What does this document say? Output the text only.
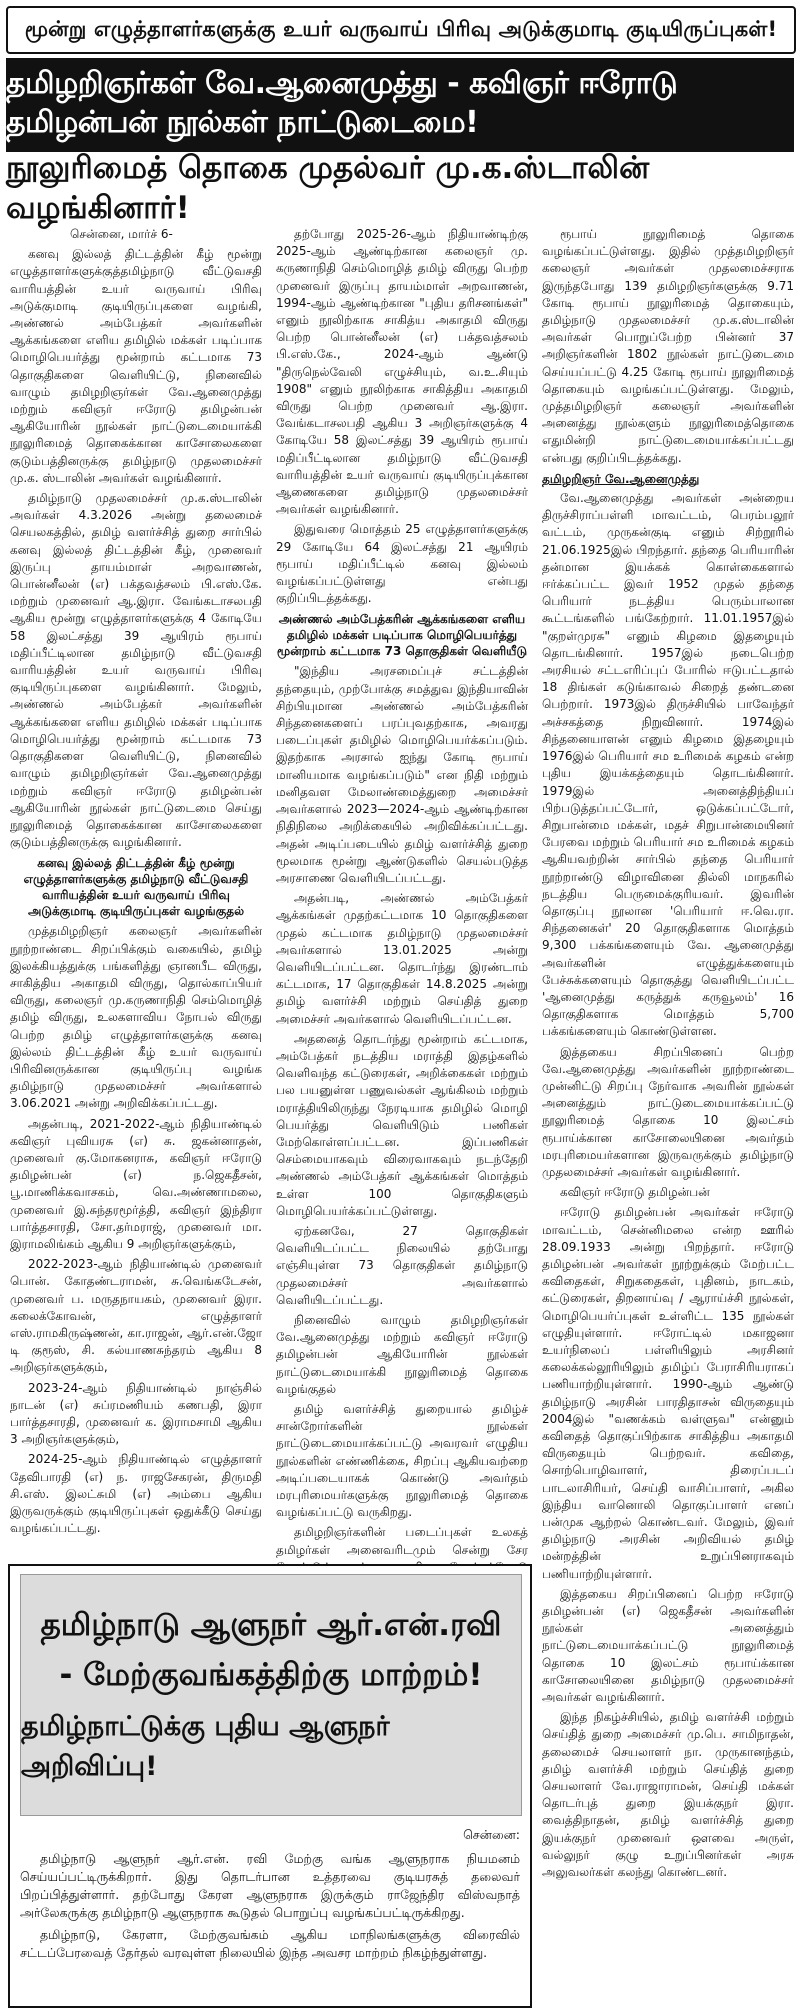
மூன்று எழுத்தாளர்களுக்கு உயர் வருவாய் பிரிவு அடுக்குமாடி குடியிருப்புகள்!
தமிழறிஞர்கள் வே.ஆனைமுத்து - கவிஞர் ஈரோடு தமிழன்பன் நூல்கள் நாட்டுடைமை!
நூலுரிமைத் தொகை முதல்வர் மு.க.ஸ்டாலின் வழங்கினார்!

சென்னை, மார்ச் 6-

கனவு இல்லத் திட்டத்தின் கீழ் மூன்று எழுத்தாளர்களுக்குத்தமிழ்நாடு வீட்டுவசதி வாரியத்தின் உயர் வருவாய் பிரிவு அடுக்குமாடி குடியிருப்புகளை வழங்கி, அண்ணல் அம்பேத்கர் அவர்களின் ஆக்கங்களை எளிய தமிழில் மக்கள் படிப்பாக மொழிபெயர்த்து மூன்றாம் கட்டமாக 73 தொகுதிகளை வெளியிட்டு, நினைவில் வாழும் தமிழறிஞர்கள் வே.ஆனைமுத்து மற்றும் கவிஞர் ஈரோடு தமிழன்பன் ஆகியோரின் நூல்கள் நாட்டுடைமையாக்கி நூலுரிமைத் தொகைக்கான காசோலைகளை குடும்பத்தினருக்கு தமிழ்நாடு முதலமைச்சர் மு.க. ஸ்டாலின் அவர்கள் வழங்கினார்.

தமிழ்நாடு முதலமைச்சர் மு.க.ஸ்டாலின் அவர்கள் 4.3.2026 அன்று தலைமைச் செயலகத்தில், தமிழ் வளர்ச்சித் துறை சார்பில் கனவு இல்லத் திட்டத்தின் கீழ், முனைவர் இருப்பு தாயம்மாள் அறவாணன், பொன்னீலன் (எ) பக்தவத்சலம் பி.எஸ்.கே. மற்றும் முனைவர் ஆ.இரா. வேங்கடாசலபதி ஆகிய மூன்று எழுத்தாளர்களுக்கு 4 கோடியே 58 இலட்சத்து 39 ஆயிரம் ரூபாய் மதிப்பீட்டிலான தமிழ்நாடு வீட்டுவசதி வாரியத்தின் உயர் வருவாய் பிரிவு குடியிருப்புகளை வழங்கினார். மேலும், அண்ணல் அம்பேத்கர் அவர்களின் ஆக்கங்களை எளிய தமிழில் மக்கள் படிப்பாக மொழிபெயர்த்து மூன்றாம் கட்டமாக 73 தொகுதிகளை வெளியிட்டு, நினைவில் வாழும் தமிழறிஞர்கள் வே.ஆனைமுத்து மற்றும் கவிஞர் ஈரோடு தமிழன்பன் ஆகியோரின் நூல்கள் நாட்டுடைமை செய்து நூலுரிமைத் தொகைக்கான காசோலைகளை குடும்பத்தினருக்கு வழங்கினார்.

கனவு இல்லத் திட்டத்தின் கீழ் மூன்று எழுத்தாளர்களுக்கு தமிழ்நாடு வீட்டுவசதி வாரியத்தின் உயர் வருவாய் பிரிவு அடுக்குமாடி குடியிருப்புகள் வழங்குதல்

முத்தமிழறிஞர் கலைஞர் அவர்களின் நூற்றாண்டை சிறப்பிக்கும் வகையில், தமிழ் இலக்கியத்துக்கு பங்களித்து ஞானபீட விருது, சாகித்திய அகாதமி விருது, தொல்காப்பியர் விருது, கலைஞர் மு.கருணாநிதி செம்மொழித் தமிழ் விருது, உலகளாவிய நோபல் விருது பெற்ற தமிழ் எழுத்தாளர்களுக்கு கனவு இல்லம் திட்டத்தின் கீழ் உயர் வருவாய் பிரிவினருக்கான குடியிருப்பு வழங்க தமிழ்நாடு முதலமைச்சர் அவர்களால் 3.06.2021 அன்று அறிவிக்கப்பட்டது.

அதன்படி, 2021-2022-ஆம் நிதியாண்டில் கவிஞர் புவியரசு (எ) சு. ஜகன்னாதன், முனைவர் கு.மோகனராசு, கவிஞர் ஈரோடு தமிழன்பன் (எ) ந.ஜெகதீசன், பூ.மாணிக்கவாசகம், வெ.அண்ணாமலை, முனைவர் இ.சுந்தரமூர்த்தி, கவிஞர் இந்திரா பார்த்தசாரதி, சோ.தர்மராஜ், முனைவர் மா. இராமலிங்கம் ஆகிய 9 அறிஞர்களுக்கும்,

2022-2023-ஆம் நிதியாண்டில் முனைவர் பொன். கோதண்டராமன், சு.வெங்கடேசன், முனைவர் ப. மருதநாயகம், முனைவர் இரா. கலைக்கோவன், எழுத்தாளர் எஸ்.ராமகிருஷ்ணன், கா.ராஜன், ஆர்.என்.ஜோ டி குரூஸ், சி. கல்யாணசுந்தரம் ஆகிய 8 அறிஞர்களுக்கும்,

2023-24-ஆம் நிதியாண்டில் நாஞ்சில் நாடன் (எ) சுப்ரமணியம் கணபதி, இரா பார்த்தசாரதி, முனைவர் க. இராமசாமி ஆகிய 3 அறிஞர்களுக்கும்,

2024-25-ஆம் நிதியாண்டில் எழுத்தாளர் தேவிபாரதி (எ) ந. ராஜசேகரன், திருமதி சி.எஸ். இலட்சுமி (எ) அம்பை ஆகிய இருவருக்கும் குடியிருப்புகள் ஒதுக்கீடு செய்து வழங்கப்பட்டது.

தற்போது 2025-26-ஆம் நிதியாண்டிற்கு 2025-ஆம் ஆண்டிற்கான கலைஞர் மு. கருணாநிதி செம்மொழித் தமிழ் விருது பெற்ற முனைவர் இருப்பு தாயம்மாள் அறவாணன், 1994-ஆம் ஆண்டிற்கான "புதிய தரிசனங்கள்" எனும் நூலிற்காக சாகித்ய அகாதமி விருது பெற்ற பொன்னீலன் (எ) பக்தவத்சலம் பி.எஸ்.கே., 2024-ஆம் ஆண்டு "திருநெல்வேலி எழுச்சியும், வ.உ.சியும் 1908" எனும் நூலிற்காக சாகித்திய அகாதமி விருது பெற்ற முனைவர் ஆ.இரா. வேங்கடாசலபதி ஆகிய 3 அறிஞர்களுக்கு 4 கோடியே 58 இலட்சத்து 39 ஆயிரம் ரூபாய் மதிப்பீட்டிலான தமிழ்நாடு வீட்டுவசதி வாரியத்தின் உயர் வருவாய் குடியிருப்புக்கான ஆணைகளை தமிழ்நாடு முதலமைச்சர் அவர்கள் வழங்கினார்.

இதுவரை மொத்தம் 25 எழுத்தாளர்களுக்கு 29 கோடியே 64 இலட்சத்து 21 ஆயிரம் ரூபாய் மதிப்பீட்டில் கனவு இல்லம் வழங்கப்பட்டுள்ளது என்பது குறிப்பிடத்தக்கது.

அண்ணல் அம்பேத்கரின் ஆக்கங்களை எளிய தமிழில் மக்கள் படிப்பாக மொழிபெயர்த்து மூன்றாம் கட்டமாக 73 தொகுதிகள் வெளியீடு

"இந்திய அரசமைப்புச் சட்டத்தின் தந்தையும், முற்போக்கு சமத்துவ இந்தியாவின் சிற்பியுமான அண்ணல் அம்பேத்கரின் சிந்தனைகளைப் பரப்புவதற்காக, அவரது படைப்புகள் தமிழில் மொழிபெயர்க்கப்படும். இதற்காக அரசால் ஐந்து கோடி ரூபாய் மானியமாக வழங்கப்படும்" என நிதி மற்றும் மனிதவள மேலாண்மைத்துறை அமைச்சர் அவர்களால் 2023—2024-ஆம் ஆண்டிற்கான நிதிநிலை அறிக்கையில் அறிவிக்கப்பட்டது. அதன் அடிப்படையில் தமிழ் வளர்ச்சித் துறை மூலமாக மூன்று ஆண்டுகளில் செயல்படுத்த அரசாணை வெளியிடப்பட்டது.

அதன்படி, அண்ணல் அம்பேத்கர் ஆக்கங்கள் முதற்கட்டமாக 10 தொகுதிகளை முதல் கட்டமாக தமிழ்நாடு முதலமைச்சர் அவர்களால் 13.01.2025 அன்று வெளியிடப்பட்டன. தொடர்ந்து இரண்டாம் கட்டமாக, 17 தொகுதிகள் 14.8.2025 அன்று தமிழ் வளர்ச்சி மற்றும் செய்தித் துறை அமைச்சர் அவர்களால் வெளியிடப்பட்டன.

அதனைத் தொடர்ந்து மூன்றாம் கட்டமாக, அம்பேத்கர் நடத்திய மராத்தி இதழ்களில் வெளிவந்த கட்டுரைகள், அறிக்கைகள் மற்றும் பல பயனுள்ள பணுவல்கள் ஆங்கிலம் மற்றும் மராத்தியிலிருந்து நேரடியாக தமிழில் மொழி பெயர்த்து வெளியிடும் பணிகள் மேற்கொள்ளப்பட்டன. இப்பணிகள் செம்மையாகவும் விரைவாகவும் நடந்தேறி அண்ணல் அம்பேத்கர் ஆக்கங்கள் மொத்தம் உள்ள 100 தொகுதிகளும் மொழிபெயர்க்கப்பட்டுள்ளது.

ஏற்கனவே, 27 தொகுதிகள் வெளியிடப்பட்ட நிலையில் தற்போது எஞ்சியுள்ள 73 தொகுதிகள் தமிழ்நாடு முதலமைச்சர் அவர்களால் வெளியிடப்பட்டது.

நினைவில் வாழும் தமிழறிஞர்கள் வே.ஆனைமுத்து மற்றும் கவிஞர் ஈரோடு தமிழன்பன் ஆகியோரின் நூல்கள் நாட்டுடைமையாக்கி நூலுரிமைத் தொகை வழங்குதல்

தமிழ் வளர்ச்சித் துறையால் தமிழ்ச் சான்றோர்களின் நூல்கள் நாட்டுடைமையாக்கப்பட்டு அவரவர் எழுதிய நூல்களின் எண்ணிக்கை, சிறப்பு ஆகியவற்றை அடிப்படையாகக் கொண்டு அவர்தம் மரபுரிமையர்களுக்கு நூலுரிமைத் தொகை வழங்கப்பட்டு வருகிறது.

தமிழறிஞர்களின் படைப்புகள் உலகத் தமிழர்கள் அனைவரிடமும் சென்று சேர

ரூபாய் நூலுரிமைத் தொகை வழங்கப்பட்டுள்ளது. இதில் முத்தமிழறிஞர் கலைஞர் அவர்கள் முதலமைச்சராக இருந்தபோது 139 தமிழறிஞர்களுக்கு 9.71 கோடி ரூபாய் நூலுரிமைத் தொகையும், தமிழ்நாடு முதலமைச்சர் மு.க.ஸ்டாலின் அவர்கள் பொறுப்பேற்ற பின்னர் 37 அறிஞர்களின் 1802 நூல்கள் நாட்டுடைமை செய்யப்பட்டு 4.25 கோடி ரூபாய் நூலுரிமைத் தொகையும் வழங்கப்பட்டுள்ளது. மேலும், முத்தமிழறிஞர் கலைஞர் அவர்களின் அனைத்து நூல்களும் நூலுரிமைத்தொகை எதுமின்றி நாட்டுடைமையாக்கப்பட்டது என்பது குறிப்பிடத்தக்கது.

தமிழறிஞர் வே.ஆனைமுத்து

வே.ஆனைமுத்து அவர்கள் அன்றைய திருச்சிராப்பள்ளி மாவட்டம், பெரம்பலூர் வட்டம், முருகன்குடி எனும் சிற்றூரில் 21.06.1925இல் பிறந்தார். தந்தை பெரியாரின் தன்மான இயக்கக் கொள்கைகளால் ஈர்க்கப்பட்ட இவர் 1952 முதல் தந்தை பெரியார் நடத்திய பெரும்பாலான கூட்டங்களில் பங்கேற்றார். 11.01.1957இல் "குறள்முரசு" எனும் கிழமை இதழையும் தொடங்கினார். 1957இல் நடைபெற்ற அரசியல் சட்டஎரிப்புப் போரில் ஈடுபட்டதால் 18 திங்கள் கடுங்காவல் சிறைத் தண்டனை பெற்றார். 1973இல் திருச்சியில் பாவேந்தர் அச்சகத்தை நிறுவினார். 1974இல் சிந்தனையாளன் எனும் கிழமை இதழையும் 1976இல் பெரியார் சம உரிமைக் கழகம் என்ற புதிய இயக்கத்தையும் தொடங்கினார். 1979இல் அனைத்திந்தியப் பிற்படுத்தப்பட்டோர், ஒடுக்கப்பட்டோர், சிறுபான்மை மக்கள், மதச் சிறுபான்மையினர் பேரவை மற்றும் பெரியார் சம உரிமைக் கழகம் ஆகியவற்றின் சார்பில் தந்தை பெரியார் நூற்றாண்டு விழாவினை தில்லி மாநகரில் நடத்திய பெருமைக்குரியவர். இவரின் தொகுப்பு நூலான 'பெரியார் ஈ.வெ.ரா. சிந்தனைகள்' 20 தொகுதிகளாக மொத்தம் 9,300 பக்கங்களையும் வே. ஆனைமுத்து அவர்களின் எழுத்துக்களையும் பேச்சுக்களையும் தொகுத்து வெளியிடப்பட்ட 'ஆனைமுத்து கருத்துக் கருவூலம்' 16 தொகுதிகளாக மொத்தம் 5,700 பக்கங்களையும் கொண்டுள்ளன.

இத்தகைய சிறப்பினைப் பெற்ற வே.ஆனைமுத்து அவர்களின் நூற்றாண்டை முன்னிட்டு சிறப்பு நேர்வாக அவரின் நூல்கள் அனைத்தும் நாட்டுடைமையாக்கப்பட்டு நூலுரிமைத் தொகை 10 இலட்சம் ரூபாய்க்கான காசோலையினை அவர்தம் மரபுரிமையர்களான இருவருக்கும் தமிழ்நாடு முதலமைச்சர் அவர்கள் வழங்கினார்.

கவிஞர் ஈரோடு தமிழன்பன்

ஈரோடு தமிழன்பன் அவர்கள் ஈரோடு மாவட்டம், சென்னிமலை என்ற ஊரில் 28.09.1933 அன்று பிறந்தார். ஈரோடு தமிழன்பன் அவர்கள் நூற்றுக்கும் மேற்பட்ட கவிதைகள், சிறுகதைகள், புதினம், நாடகம், கட்டுரைகள், திறனாய்வு / ஆராய்ச்சி நூல்கள், மொழிபெயர்ப்புகள் உள்ளிட்ட 135 நூல்கள் எழுதியுள்ளார். ஈரோட்டில் மகாஜனா உயர்நிலைப் பள்ளியிலும் அரசினர் கலைக்கல்லூரியிலும் தமிழ்ப் பேராசிரியராகப் பணியாற்றியுள்ளார். 1990-ஆம் ஆண்டு தமிழ்நாடு அரசின் பாரதிதாசன் விருதையும் 2004இல் "வணக்கம் வள்ளுவ" என்னும் கவிதைத் தொகுப்பிற்காக சாகித்திய அகாதமி விருதையும் பெற்றவர். கவிதை, சொற்பொழிவாளர், திரைப்படப் பாடலாசிரியர், செய்தி வாசிப்பாளர், அகில இந்திய வானொலி தொகுப்பாளர் எனப் பன்முக ஆற்றல் கொண்டவர். மேலும், இவர் தமிழ்நாடு அரசின் அறிவியல் தமிழ் மன்றத்தின் உறுப்பினராகவும் பணியாற்றியுள்ளார்.

இத்தகைய சிறப்பினைப் பெற்ற ஈரோடு தமிழன்பன் (எ) ஜெகதீசன் அவர்களின் நூல்கள் அனைத்தும் நாட்டுடைமையாக்கப்பட்டு நூலுரிமைத் தொகை 10 இலட்சம் ரூபாய்க்கான காசோலையினை தமிழ்நாடு முதலமைச்சர் அவர்கள் வழங்கினார்.

இந்த நிகழ்ச்சியில், தமிழ் வளர்ச்சி மற்றும் செய்தித் துறை அமைச்சர் மு.பெ. சாமிநாதன், தலைமைச் செயலாளர் நா. முருகானந்தம், தமிழ் வளர்ச்சி மற்றும் செய்தித் துறை செயலாளர் வே.ராஜாராமன், செய்தி மக்கள் தொடர்புத் துறை இயக்குநர் இரா. வைத்திநாதன், தமிழ் வளர்ச்சித் துறை இயக்குநர் முனைவர் ஔவை அருள், வல்லுநர் குழு உறுப்பினர்கள் அரசு அலுவலர்கள் கலந்து கொண்டனர்.

தமிழ்நாடு ஆளுநர் ஆர்.என்.ரவி
- மேற்குவங்கத்திற்கு மாற்றம்!
தமிழ்நாட்டுக்கு புதிய ஆளுநர் அறிவிப்பு!
சென்னை:

தமிழ்நாடு ஆளுநர் ஆர்.என். ரவி மேற்கு வங்க ஆளுநராக நியமனம் செய்யப்பட்டிருக்கிறார். இது தொடர்பான உத்தரவை குடியரசுத் தலைவர் பிறப்பித்துள்ளார். தற்போது கேரள ஆளுநராக இருக்கும் ராஜேந்திர விஸ்வநாத் அர்லேகருக்கு தமிழ்நாடு ஆளுநராக கூடுதல் பொறுப்பு வழங்கப்பட்டிருக்கிறது.

தமிழ்நாடு, கேரளா, மேற்குவங்கம் ஆகிய மாநிலங்களுக்கு விரைவில் சட்டப்பேரவைத் தேர்தல் வரவுள்ள நிலையில் இந்த அவசர மாற்றம் நிகழ்ந்துள்ளது.
